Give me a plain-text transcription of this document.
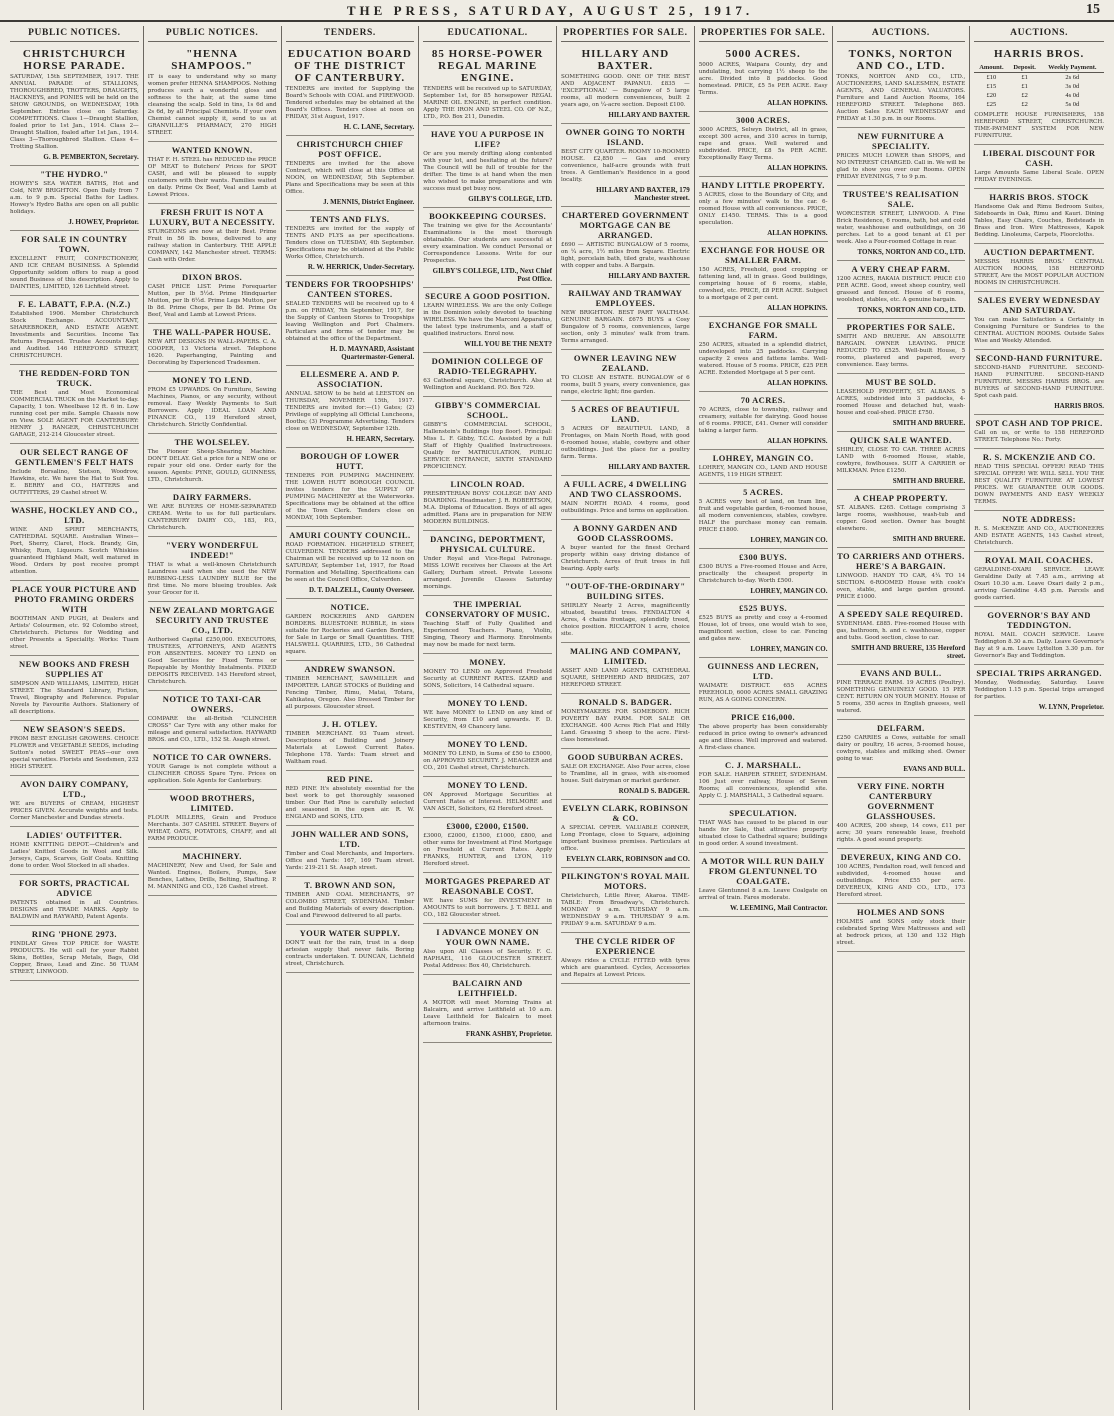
THE PRESS, SATURDAY, AUGUST 25, 1917.	15
PUBLIC NOTICES.
CHRISTCHURCH HORSE PARADE.
SATURDAY, 15th SEPTEMBER, 1917. THE ANNUAL PARADE of STALLIONS, THOROUGHBRED, TROTTERS, DRAUGHTS, HACKNEYS, and PONIES will be held on the SHOW GROUNDS, on WEDNESDAY, 19th September. Entries close on Saturday. COMPETITIONS. Class 1—Draught Stallion, foaled prior to 1st Jan., 1914. Class 2—Draught Stallion, foaled after 1st Jan., 1914. Class 3—Thoroughbred Stallion. Class 4—Trotting Stallion.
G. B. PEMBERTON, Secretary.
"THE HYDRO."
HOWEY'S SEA WATER BATHS, Hot and Cold, NEW BRIGHTON. Open Daily from 7 a.m. to 9 p.m. Special Baths for Ladies. Howey's Hydro Baths are open on all public holidays.
J. HOWEY, Proprietor.
FOR SALE IN COUNTRY TOWN.
EXCELLENT FRUIT, CONFECTIONERY, AND ICE CREAM BUSINESS. A Splendid Opportunity seldom offers to reap a good sound Business of this description. Apply to DAINTIES, LIMITED, 126 Lichfield street.
F. E. LABATT, F.P.A. (N.Z.)
Established 1906. Member Christchurch Stock Exchange. ACCOUNTANT, SHAREBROKER, AND ESTATE AGENT. Investments and Securities. Income Tax Returns Prepared. Trustee Accounts Kept and Audited. 146 HEREFORD STREET, CHRISTCHURCH.
THE REDDEN-FORD TON TRUCK.
THE Best and Most Economical COMMERCIAL TRUCK on the Market to-day. Capacity, 1 ton. Wheelbase 12 ft. 6 in. Low running cost per mile. Sample Chassis now on View. SOLE AGENT FOR CANTERBURY: HENRY J. RANGER, CHRISTCHURCH GARAGE, 212-214 Gloucester street.
OUR SELECT RANGE OF GENTLEMEN'S FELT HATS
Include Borsalino, Stetson, Woodrow, Hawkins, etc. We have the Hat to Suit You. E. BERRY and CO., HATTERS and OUTFITTERS, 29 Cashel street W.
WASHE, HOCKLEY AND CO., LTD.
WINE AND SPIRIT MERCHANTS, CATHEDRAL SQUARE. Australian Wines—Port, Sherry, Claret, Hock. Brandy, Gin, Whisky, Rum, Liqueurs. Scotch Whiskies guaranteed Highland Malt, well matured in Wood. Orders by post receive prompt attention.
PLACE YOUR PICTURE AND PHOTO FRAMING ORDERS WITH
BOOTHMAN AND PUGH, at Dealers and Artists' Colourmen, etc. 92 Colombo street, Christchurch. Pictures for Wedding and other Presents a Speciality. Works: Tuam street.
NEW BOOKS AND FRESH SUPPLIES AT
SIMPSON AND WILLIAMS, LIMITED, HIGH STREET. The Standard Library, Fiction, Travel, Biography and Reference. Popular Novels by Favourite Authors. Stationery of all descriptions.
NEW SEASON'S SEEDS.
FROM BEST ENGLISH GROWERS. CHOICE FLOWER and VEGETABLE SEEDS, including Sutton's noted SWEET PEAS—our own special varieties. Florists and Seedsmen, 232 HIGH STREET.
AVON DAIRY COMPANY, LTD.,
WE are BUYERS of CREAM, HIGHEST PRICES GIVEN. Accurate weights and tests. Corner Manchester and Dundas streets.
LADIES' OUTFITTER.
HOME KNITTING DEPOT.—Children's and Ladies' Knitted Goods in Wool and Silk. Jerseys, Caps, Scarves, Golf Coats. Knitting done to order. Wool Stocked in all shades.
FOR SORTS, PRACTICAL ADVICE
PATENTS obtained in all Countries. DESIGNS and TRADE MARKS. Apply to BALDWIN and RAYWARD, Patent Agents.
RING 'PHONE 2973.
FINDLAY Gives TOP PRICE for WASTE PRODUCTS. He will call for your Rabbit Skins, Bottles, Scrap Metals, Bags, Old Copper, Brass, Lead and Zinc. 56 TUAM STREET, LINWOOD.
PUBLIC NOTICES.
"HENNA SHAMPOOS."
IT is easy to understand why so many women prefer HENNA SHAMPOOS. Nothing produces such a wonderful gloss and softness to the hair, at the same time cleansing the scalp. Sold in tins, 1s 6d and 2s 6d, by all Principal Chemists. If your own Chemist cannot supply it, send to us at GRANVILLE'S PHARMACY, 270 HIGH STREET.
WANTED KNOWN.
THAT F. H. STEEL has REDUCED the PRICE OF MEAT to Butchers' Prices for SPOT CASH, and will be pleased to supply customers with their wants. Families waited on daily. Prime Ox Beef, Veal and Lamb at Lowest Prices.
FRESH FRUIT IS NOT A LUXURY, BUT A NECESSITY.
STURGEONS are now at their Best. Prime Fruit in 56 lb. boxes, delivered to any railway station in Canterbury. THE APPLE COMPANY, 142 Manchester street. TERMS: Cash with Order.
DIXON BROS.
CASH PRICE LIST. Prime Forequarter Mutton, per lb 5½d. Prime Hindquarter Mutton, per lb 6½d. Prime Legs Mutton, per lb 8d. Prime Chops, per lb 8d. Prime Ox Beef, Veal and Lamb at Lowest Prices.
THE WALL-PAPER HOUSE.
NEW ART DESIGNS IN WALL-PAPERS. C. A. COOPER, 13 Victoria street. Telephone 1620. Paperhanging, Painting and Decorating by Experienced Tradesmen.
MONEY TO LEND.
FROM £5 UPWARDS. On Furniture, Sewing Machines, Pianos, or any security, without removal. Easy Weekly Payments to Suit Borrowers. Apply IDEAL LOAN AND FINANCE CO., 119 Hereford street, Christchurch. Strictly Confidential.
THE WOLSELEY.
The Pioneer Sheep-Shearing Machine. DON'T DELAY. Get a price for a NEW one or repair your old one. Order early for the season. Agents: PYNE, GOULD, GUINNESS, LTD., Christchurch.
DAIRY FARMERS.
WE ARE BUYERS OF HOME-SEPARATED CREAM. Write to us for full particulars. CANTERBURY DAIRY CO., 183, P.O., Christchurch.
"VERY WONDERFUL INDEED!"
THAT is what a well-known Christchurch Laundress said when she used the NEW RUBBING-LESS LAUNDRY BLUE for the first time. No more blueing troubles. Ask your Grocer for it.
NEW ZEALAND MORTGAGE SECURITY AND TRUSTEE CO., LTD.
Authorised Capital £250,000. EXECUTORS, TRUSTEES, ATTORNEYS, AND AGENTS FOR ABSENTEES. MONEY TO LEND on Good Securities for Fixed Terms or Repayable by Monthly Instalments. FIXED DEPOSITS RECEIVED. 143 Hereford street, Christchurch.
NOTICE TO TAXI-CAR OWNERS.
COMPARE the all-British "CLINCHER CROSS" Car Tyre with any other make for mileage and general satisfaction. HAYWARD BROS. and CO., LTD., 152 St. Asaph street.
NOTICE TO CAR OWNERS.
YOUR Garage is not complete without a CLINCHER CROSS Spare Tyre. Prices on application. Sole Agents for Canterbury.
WOOD BROTHERS, LIMITED.
FLOUR MILLERS, Grain and Produce Merchants. 307 CASHEL STREET. Buyers of WHEAT, OATS, POTATOES, CHAFF, and all FARM PRODUCE.
MACHINERY.
MACHINERY, New and Used, for Sale and Wanted. Engines, Boilers, Pumps, Saw Benches, Lathes, Drills, Belting, Shafting. P. M. MANNING and CO., 126 Cashel street.
TENDERS.
EDUCATION BOARD OF THE DISTRICT OF CANTERBURY.
TENDERS are invited for Supplying the Board's Schools with COAL and FIREWOOD. Tendered schedules may be obtained at the Board's Offices. Tenders close at noon on FRIDAY, 31st August, 1917.
H. C. LANE, Secretary.
CHRISTCHURCH CHIEF POST OFFICE.
TENDERS are invited for the above Contract, which will close at this Office at NOON, on WEDNESDAY, 5th September. Plans and Specifications may be seen at this Office.
J. MENNIS, District Engineer.
TENTS AND FLYS.
TENDERS are invited for the supply of TENTS AND FLYS as per specifications. Tenders close on TUESDAY, 4th September. Specifications may be obtained at the Public Works Office, Christchurch.
R. W. HERRICK, Under-Secretary.
TENDERS FOR TROOPSHIPS' CANTEEN STORES.
SEALED TENDERS will be received up to 4 p.m. on FRIDAY, 7th September, 1917, for the Supply of Canteen Stores to Troopships leaving Wellington and Port Chalmers. Particulars and forms of tender may be obtained at the office of the Department.
H. D. MAYNARD, Assistant Quartermaster-General.
ELLESMERE A. AND P. ASSOCIATION.
ANNUAL SHOW to be held at LEESTON on THURSDAY, NOVEMBER 15th, 1917. TENDERS are invited for:—(1) Gates; (2) Privilege of supplying all Official Luncheons, Booths; (3) Programme Advertising. Tenders close on WEDNESDAY, September 12th.
H. HEARN, Secretary.
BOROUGH OF LOWER HUTT.
TENDERS FOR PUMPING MACHINERY. THE LOWER HUTT BOROUGH COUNCIL invites tenders for the SUPPLY OF PUMPING MACHINERY at the Waterworks. Specifications may be obtained at the office of the Town Clerk. Tenders close on MONDAY, 10th September.
AMURI COUNTY COUNCIL.
ROAD FORMATION. HIGHFIELD STREET, CULVERDEN. TENDERS addressed to the Chairman will be received up to 12 noon on SATURDAY, September 1st, 1917, for Road Formation and Metalling. Specifications can be seen at the Council Office, Culverden.
D. T. DALZELL, County Overseer.
NOTICE.
GARDEN ROCKERIES AND GARDEN BORDERS. BLUESTONE RUBBLE, in sizes suitable for Rockeries and Garden Borders, for Sale in Large or Small Quantities. THE HALSWELL QUARRIES, LTD., 56 Cathedral square.
ANDREW SWANSON.
TIMBER MERCHANT, SAWMILLER and IMPORTER. LARGE STOCKS of Building and Fencing Timber, Rimu, Matai, Totara, Kahikatea, Oregon. Also Dressed Timber for all purposes. Gloucester street.
J. H. OTLEY.
TIMBER MERCHANT. 93 Tuam street. Descriptions of Building and Joinery Materials at Lowest Current Rates. Telephone 178. Yards: Tuam street and Waltham road.
RED PINE.
RED PINE It's absolutely essential for the best work to get thoroughly seasoned timber. Our Red Pine is carefully selected and seasoned in the open air. R. W. ENGLAND and SONS, LTD.
JOHN WALLER AND SONS, LTD.
Timber and Coal Merchants, and Importers. Office and Yards: 167, 169 Tuam street. Yards: 219-211 St. Asaph street.
T. BROWN AND SON,
TIMBER AND COAL MERCHANTS, 97 COLOMBO STREET, SYDENHAM. Timber and Building Materials of every description. Coal and Firewood delivered to all parts.
YOUR WATER SUPPLY.
DON'T wait for the rain, trust in a deep artesian supply that never fails. Boring contracts undertaken. T. DUNCAN, Lichfield street, Christchurch.
EDUCATIONAL.
85 HORSE-POWER REGAL MARINE ENGINE.
TENDERS will be received up to SATURDAY, September 1st, for 85 horsepower REGAL MARINE OIL ENGINE, in perfect condition. Apply THE IRON AND STEEL CO. OF N.Z., LTD., P.O. Box 211, Dunedin.
HAVE YOU A PURPOSE IN LIFE?
Or are you merely drifting along contented with your lot, and hesitating at the future? The Council will be full of trouble for the drifter. The time is at hand when the men who wished to make preparations and win success must get busy now.
GILBY'S COLLEGE, LTD.
BOOKKEEPING COURSES.
The training we give for the Accountants' Examinations is the most thorough obtainable. Our students are successful at every examination. We conduct Personal or Correspondence Lessons. Write for our Prospectus.
GILBY'S COLLEGE, LTD., Next Chief Post Office.
SECURE A GOOD POSITION.
LEARN WIRELESS. We are the only College in the Dominion solely devoted to teaching WIRELESS. We have the Marconi Apparatus, the latest type instruments, and a staff of qualified instructors. Enrol now.
WILL YOU BE THE NEXT?
DOMINION COLLEGE OF RADIO-TELEGRAPHY.
63 Cathedral square, Christchurch. Also at Wellington and Auckland. P.O. Box 729.
GIBBY'S COMMERCIAL SCHOOL.
GIBBY'S COMMERCIAL SCHOOL, Hallenstein's Buildings (top floor). Principal: Miss L. F. Gibby, T.C.C. Assisted by a full Staff of Highly Qualified Instructresses. Qualify for MATRICULATION, PUBLIC SERVICE ENTRANCE, SIXTH STANDARD PROFICIENCY.
LINCOLN ROAD.
PRESBYTERIAN BOYS' COLLEGE DAY AND BOARDING. Headmaster: J. R. ROBERTSON, M.A. Diploma of Education. Boys of all ages admitted. Plans are in preparation for NEW MODERN BUILDINGS.
DANCING, DEPORTMENT, PHYSICAL CULTURE.
Under Royal and Vice-Regal Patronage. MISS LOWE receives her Classes at the Art Gallery, Durham street. Private Lessons arranged. Juvenile Classes Saturday mornings.
THE IMPERIAL CONSERVATORY OF MUSIC.
Teaching Staff of Fully Qualified and Experienced Teachers. Piano, Violin, Singing, Theory and Harmony. Enrolments may now be made for next term.
MONEY.
MONEY TO LEND on Approved Freehold Security at CURRENT RATES. IZARD and SONS, Solicitors, 14 Cathedral square.
MONEY TO LEND.
WE have MONEY to LEND on any kind of Security, from £10 and upwards. F. D. KESTEVEN, 49 Chancery lane.
MONEY TO LEND.
MONEY TO LEND, in Sums of £50 to £5000, on APPROVED SECURITY. J. MEAGHER and CO., 201 Cashel street, Christchurch.
MONEY TO LEND.
ON Approved Mortgage Securities at Current Rates of Interest. HELMORE and VAN ASCH, Solicitors, 62 Hereford street.
£3000, £2000, £1500.
£3000, £2000, £1500, £1000, £800, and other sums for Investment at First Mortgage on Freehold at Current Rates. Apply FRANKS, HUNTER, and LYON, 119 Hereford street.
MORTGAGES PREPARED AT REASONABLE COST.
WE have SUMS for INVESTMENT in AMOUNTS to suit borrowers. J. T. BELL and CO., 182 Gloucester street.
I ADVANCE MONEY ON YOUR OWN NAME.
Also upon All Classes of Security. F. C. RAPHAEL, 116 GLOUCESTER STREET. Postal Address: Box 40, Christchurch.
BALCAIRN AND LEITHFIELD.
A MOTOR will meet Morning Trains at Balcairn, and arrive Leithfield at 10 a.m. Leave Leithfield for Balcairn to meet afternoon trains.
FRANK ASHBY, Proprietor.
PROPERTIES FOR SALE.
HILLARY AND BAXTER.
SOMETHING GOOD. ONE OF THE BEST AND ADJACENT PAPANUI. £835 — 'EXCEPTIONAL' — Bungalow of 5 large rooms, all modern conveniences, built 2 years ago, on ¼-acre section. Deposit £100.
HILLARY AND BAXTER.
OWNER GOING TO NORTH ISLAND.
BEST CITY QUARTER. ROOMY 10-ROOMED HOUSE. £2,850 — Gas and every convenience, half-acre grounds with fruit trees. A Gentleman's Residence in a good locality.
HILLARY AND BAXTER, 179 Manchester street.
CHARTERED GOVERNMENT MORTGAGE CAN BE ARRANGED.
£690 — ARTISTIC BUNGALOW of 5 rooms, on ¼ acre, 1½ miles from Square. Electric light, porcelain bath, tiled grate, washhouse with copper and tubs. A Bargain.
HILLARY AND BAXTER.
RAILWAY AND TRAMWAY EMPLOYEES.
NEW BRIGHTON. BEST PART WALTHAM. GENUINE BARGAIN. £675 BUYS a Cosy Bungalow of 5 rooms, conveniences, large section, only 3 minutes' walk from tram. Terms arranged.
OWNER LEAVING NEW ZEALAND.
TO CLOSE AN ESTATE. BUNGALOW of 6 rooms, built 5 years, every convenience, gas range, electric light; fine garden.
5 ACRES OF BEAUTIFUL LAND.
5 ACRES OF BEAUTIFUL LAND, 8 Frontages, on Main North Road, with good 6-roomed house, stable, cowbyre and other outbuildings. Just the place for a poultry farm. Terms.
HILLARY AND BAXTER.
A FULL ACRE, 4 DWELLING AND TWO CLASSROOMS.
MAIN NORTH ROAD. 4 rooms, good outbuildings. Price and terms on application.
A BONNY GARDEN AND GOOD CLASSROOMS.
A buyer wanted for the finest Orchard property within easy driving distance of Christchurch. Acres of fruit trees in full bearing. Apply early.
"OUT-OF-THE-ORDINARY" BUILDING SITES.
SHIRLEY Nearly 2 Acres, magnificently situated, beautiful trees. FENDALTON 4 Acres, 4 chains frontage, splendidly treed, choice position. RICCARTON 1 acre, choice site.
MALING AND COMPANY, LIMITED.
ASSET AND LAND AGENTS, CATHEDRAL SQUARE, SHEPHERD AND BRIDGES, 207 HEREFORD STREET.
RONALD S. BADGER.
MONEYMAKERS FOR SOMEBODY. RICH POVERTY BAY FARM. FOR SALE OR EXCHANGE. 400 Acres Rich Flat and Hilly Land. Grassing 5 sheep to the acre. First-class homestead.
GOOD SUBURBAN ACRES.
SALE OR EXCHANGE. Also Four acres, close to Tramline, all in grass, with six-roomed house. Suit dairyman or market gardener.
RONALD S. BADGER.
EVELYN CLARK, ROBINSON & CO.
A SPECIAL OFFER. VALUABLE CORNER, Long Frontage, close to Square, adjoining important business premises. Particulars at office.
EVELYN CLARK, ROBINSON and CO.
PILKINGTON'S ROYAL MAIL MOTORS.
Christchurch, Little River, Akaroa. TIME-TABLE: From Broadway's, Christchurch. MONDAY 9 a.m. TUESDAY 9 a.m. WEDNESDAY 9 a.m. THURSDAY 9 a.m. FRIDAY 9 a.m. SATURDAY 9 a.m.
THE CYCLE RIDER OF EXPERIENCE
Always rides a CYCLE FITTED with tyres which are guaranteed. Cycles, Accessories and Repairs at Lowest Prices.
PROPERTIES FOR SALE.
5000 ACRES.
5000 ACRES, Waipara County, dry and undulating, but carrying 1½ sheep to the acre. Divided into 8 paddocks. Good homestead. PRICE, £5 5s PER ACRE. Easy Terms.
ALLAN HOPKINS.
3000 ACRES.
3000 ACRES, Selwyn District, all in grass, except 300 acres, and 310 acres in turnip, rape and grass. Well watered and subdivided. PRICE, £8 5s PER ACRE. Exceptionally Easy Terms.
ALLAN HOPKINS.
HANDY LITTLE PROPERTY.
5 ACRES, close to the Boundary of City, and only a few minutes' walk to the car. 6-roomed House with all conveniences. PRICE, ONLY £1450. TERMS. This is a good speculation.
ALLAN HOPKINS.
EXCHANGE FOR HOUSE OR SMALLER FARM.
150 ACRES, Freehold, good cropping or fattening land, all in grass. Good buildings, comprising house of 6 rooms, stable, cowshed, etc. PRICE, £8 PER ACRE. Subject to a mortgage of 2 per cent.
ALLAN HOPKINS.
EXCHANGE FOR SMALL FARM.
250 ACRES, situated in a splendid district, undeveloped into 25 paddocks. Carrying capacity 2 ewes and fattens lambs. Well-watered. House of 5 rooms. PRICE, £25 PER ACRE. Extended Mortgage at 5 per cent.
ALLAN HOPKINS.
70 ACRES.
70 ACRES, close to township, railway and creamery, suitable for dairying. Good house of 6 rooms. PRICE, £41. Owner will consider taking a larger farm.
ALLAN HOPKINS.
LOHREY, MANGIN CO.
LOHREY, MANGIN CO., LAND AND HOUSE AGENTS, 119 HIGH STREET.
5 ACRES.
5 ACRES very best of land, on tram line, fruit and vegetable garden, 6-roomed house, all modern conveniences, stables, cowbyre. HALF the purchase money can remain. PRICE £1800.
LOHREY, MANGIN CO.
£300 BUYS.
£300 BUYS a Five-roomed House and Acre, practically the cheapest property in Christchurch to-day. Worth £500.
LOHREY, MANGIN CO.
£525 BUYS.
£525 BUYS as pretty and cosy a 4-roomed House, lot of trees, one would wish to see, magnificent section, close to car. Fencing and gates new.
LOHREY, MANGIN CO.
GUINNESS AND LECREN, LTD.
WAIMATE DISTRICT. 655 ACRES FREEHOLD, 6000 ACRES SMALL GRAZING RUN, AS A GOING CONCERN.
PRICE £16,000.
The above property has been considerably reduced in price owing to owner's advanced age and illness. Well improved and watered. A first-class chance.
C. J. MARSHALL.
FOR SALE. HARPER STREET, SYDENHAM. 106 Just over railway, House of Seven Rooms; all conveniences, splendid site. Apply C. J. MARSHALL, 3 Cathedral square.
SPECULATION.
THAT WAS has caused to be placed in our hands for Sale, that attractive property situated close to Cathedral square; buildings in good order. A sound investment.
A MOTOR WILL RUN DAILY FROM GLENTUNNEL TO COALGATE.
Leave Glentunnel 8 a.m. Leave Coalgate on arrival of train. Fares moderate.
W. LEEMING, Mail Contractor.
AUCTIONS.
TONKS, NORTON AND CO., LTD.
TONKS, NORTON AND CO., LTD., AUCTIONEERS, LAND SALESMEN, ESTATE AGENTS, AND GENERAL VALUATORS. Furniture and Land Auction Rooms, 164 HEREFORD STREET. Telephone 865. Auction Sales EACH WEDNESDAY and FRIDAY at 1.30 p.m. in our Rooms.
NEW FURNITURE A SPECIALITY.
PRICES MUCH LOWER than SHOPS, and NO INTEREST CHARGED. Call in. We will be glad to show you over our Rooms. OPEN FRIDAY EVENINGS, 7 to 9 p.m.
TRUSTEE'S REALISATION SALE.
WORCESTER STREET, LINWOOD. A Fine Brick Residence, 6 rooms, bath, hot and cold water, washhouse and outbuildings, on 36 perches. Let to a good tenant at £1 per week. Also a Four-roomed Cottage in rear.
TONKS, NORTON AND CO., LTD.
A VERY CHEAP FARM.
1200 ACRES, RAKAIA DISTRICT. PRICE £10 PER ACRE. Good, sweet sheep country, well grassed and fenced. House of 6 rooms, woolshed, stables, etc. A genuine bargain.
TONKS, NORTON AND CO., LTD.
PROPERTIES FOR SALE.
SMITH AND BRUERE. AN ABSOLUTE BARGAIN. OWNER LEAVING. PRICE REDUCED TO £525. Well-built House, 5 rooms, plastered and papered, every convenience. Easy terms.
MUST BE SOLD.
LEASEHOLD PROPERTY, ST. ALBANS. 5 ACRES, subdivided into 3 paddocks, 4-roomed House and detached hut, wash-house and coal-shed. PRICE £750.
SMITH AND BRUERE.
QUICK SALE WANTED.
SHIRLEY, CLOSE TO CAR. THREE ACRES LAND with 6-roomed House, stable, cowbyre, fowlhouses. SUIT A CARRIER or MILKMAN. Price £1250.
SMITH AND BRUERE.
A CHEAP PROPERTY.
ST. ALBANS. £265. Cottage comprising 3 large rooms, washhouse, wash-tub and copper. Good section. Owner has bought elsewhere.
SMITH AND BRUERE.
TO CARRIERS AND OTHERS. HERE'S A BARGAIN.
LINWOOD. HANDY TO CAR, 4¼ TO 14 SECTION. 6-ROOMED House with cook's oven, stable, and large garden ground. PRICE £1000.
A SPEEDY SALE REQUIRED.
SYDENHAM. £885. Five-roomed House with gas, bathroom, h. and c. washhouse, copper and tubs. Good section, close to car.
SMITH AND BRUERE, 135 Hereford street.
EVANS AND BULL.
PINE TERRACE FARM. 19 ACRES (Poultry). SOMETHING GENUINELY GOOD. 15 PER CENT. RETURN ON YOUR MONEY. House of 5 rooms, 350 acres in English grasses, well watered.
DELFARM.
£250 CARRIES a Cows, suitable for small dairy or poultry, 16 acres, 5-roomed house, cowbyre, stables and milking shed. Owner going to war.
EVANS AND BULL.
VERY FINE. NORTH CANTERBURY GOVERNMENT GLASSHOUSES.
400 ACRES, 200 sheep, 14 cows, £11 per acre; 30 years renewable lease, freehold rights. A good sound property.
DEVEREUX, KING AND CO.
100 ACRES, Fendalton road, well fenced and subdivided, 4-roomed house and outbuildings. Price £55 per acre. DEVEREUX, KING AND CO., LTD., 173 Hereford street.
HOLMES AND SONS
HOLMES and SONS only stock their celebrated Spring Wire Mattresses and sell at bedrock prices, at 130 and 132 High street.
AUCTIONS.
HARRIS BROS.
Amount.	Deposit.	Weekly Payment.
£10	£1	2s 6d
£15	£1	3s 0d
£20	£2	4s 0d
£25	£2	5s 0d
COMPLETE HOUSE FURNISHERS, 158 HEREFORD STREET, CHRISTCHURCH. TIME-PAYMENT SYSTEM FOR NEW FURNITURE.
LIBERAL DISCOUNT FOR CASH.
Large Amounts Same Liberal Scale. OPEN FRIDAY EVENINGS.
HARRIS BROS. STOCK
Handsome Oak and Rimu Bedroom Suites, Sideboards in Oak, Rimu and Kauri. Dining Tables, Easy Chairs, Couches, Bedsteads in Brass and Iron. Wire Mattresses, Kapok Bedding. Linoleums, Carpets, Floorcloths.
AUCTION DEPARTMENT.
MESSRS HARRIS BROS.' CENTRAL AUCTION ROOMS, 158 HEREFORD STREET, Are the MOST POPULAR AUCTION ROOMS IN CHRISTCHURCH.
SALES EVERY WEDNESDAY AND SATURDAY.
You can make Satisfaction a Certainty in Consigning Furniture or Sundries to the CENTRAL AUCTION ROOMS. Outside Sales Wise and Weekly Attended.
SECOND-HAND FURNITURE.
SECOND-HAND FURNITURE. SECOND-HAND FURNITURE. SECOND-HAND FURNITURE. MESSRS HARRIS BROS. are BUYERS of SECOND-HAND FURNITURE. Spot cash paid.
HARRIS BROS.
SPOT CASH AND TOP PRICE.
Call on us, or write to 158 HEREFORD STREET. Telephone No.: Forty.
R. S. MCKENZIE AND CO.
READ THIS SPECIAL OFFER! READ THIS SPECIAL OFFER! WE WILL SELL YOU THE BEST QUALITY FURNITURE AT LOWEST PRICES. WE GUARANTEE OUR GOODS. DOWN PAYMENTS AND EASY WEEKLY TERMS.
NOTE ADDRESS:
R. S. McKENZIE AND CO., AUCTIONEERS AND ESTATE AGENTS, 143 Cashel street, Christchurch.
ROYAL MAIL COACHES.
GERALDINE-OXARI SERVICE. LEAVE Geraldine Daily at 7.45 a.m., arriving at Oxari 10.30 a.m. Leave Oxari daily 2 p.m., arriving Geraldine 4.45 p.m. Parcels and goods carried.
GOVERNOR'S BAY AND TEDDINGTON.
ROYAL MAIL COACH SERVICE. Leave Teddington 8.30 a.m. Daily. Leave Governor's Bay at 9 a.m. Leave Lyttelton 3.30 p.m. for Governor's Bay and Teddington.
SPECIAL TRIPS ARRANGED.
Monday, Wednesday, Saturday. Leave Teddington 1.15 p.m. Special trips arranged for parties.
W. LYNN, Proprietor.
